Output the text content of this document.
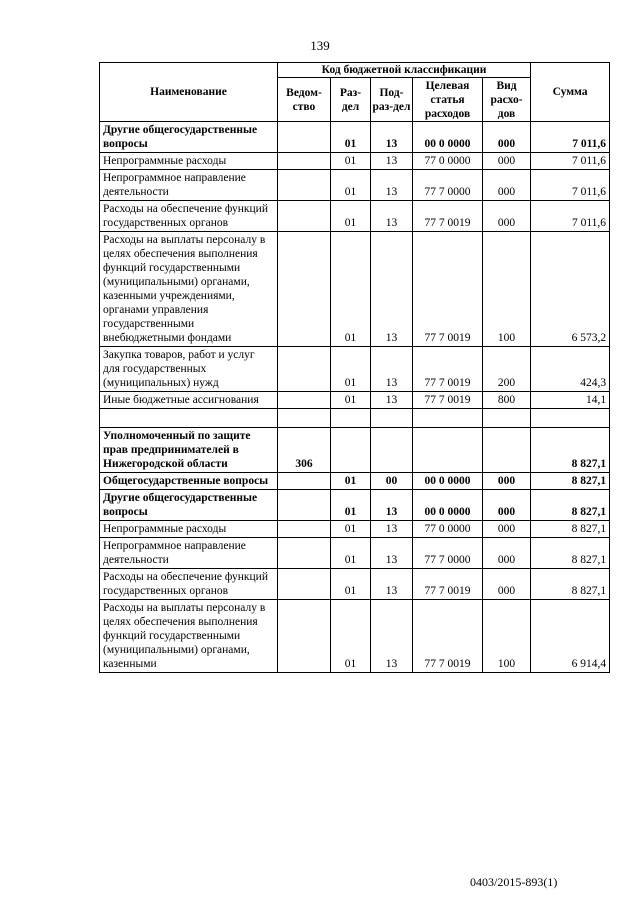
139
Наименование	Код бюджетной классификации					Сумма
	Ведом-ство	Раз-дел	Под-раз-дел	Целевая статья расходов	Вид расхо-дов	
Другие общегосударственные вопросы		01	13	00 0 0000	000	7 011,6
Непрограммные расходы		01	13	77 0 0000	000	7 011,6
Непрограммное направление деятельности		01	13	77 7 0000	000	7 011,6
Расходы на обеспечение функций государственных органов		01	13	77 7 0019	000	7 011,6
Расходы на выплаты персоналу в целях обеспечения выполнения функций государственными (муниципальными) органами, казенными учреждениями, органами управления государственными внебюджетными фондами		01	13	77 7 0019	100	6 573,2
Закупка товаров, работ и услуг для государственных (муниципальных) нужд		01	13	77 7 0019	200	424,3
Иные бюджетные ассигнования		01	13	77 7 0019	800	14,1

Уполномоченный по защите прав предпринимателей в Нижегородской области	306					8 827,1
Общегосударственные вопросы		01	00	00 0 0000	000	8 827,1
Другие общегосударственные вопросы		01	13	00 0 0000	000	8 827,1
Непрограммные расходы		01	13	77 0 0000	000	8 827,1
Непрограммное направление деятельности		01	13	77 7 0000	000	8 827,1
Расходы на обеспечение функций государственных органов		01	13	77 7 0019	000	8 827,1
Расходы на выплаты персоналу в целях обеспечения выполнения функций государственными (муниципальными) органами, казенными		01	13	77 7 0019	100	6 914,4
0403/2015-893(1)
